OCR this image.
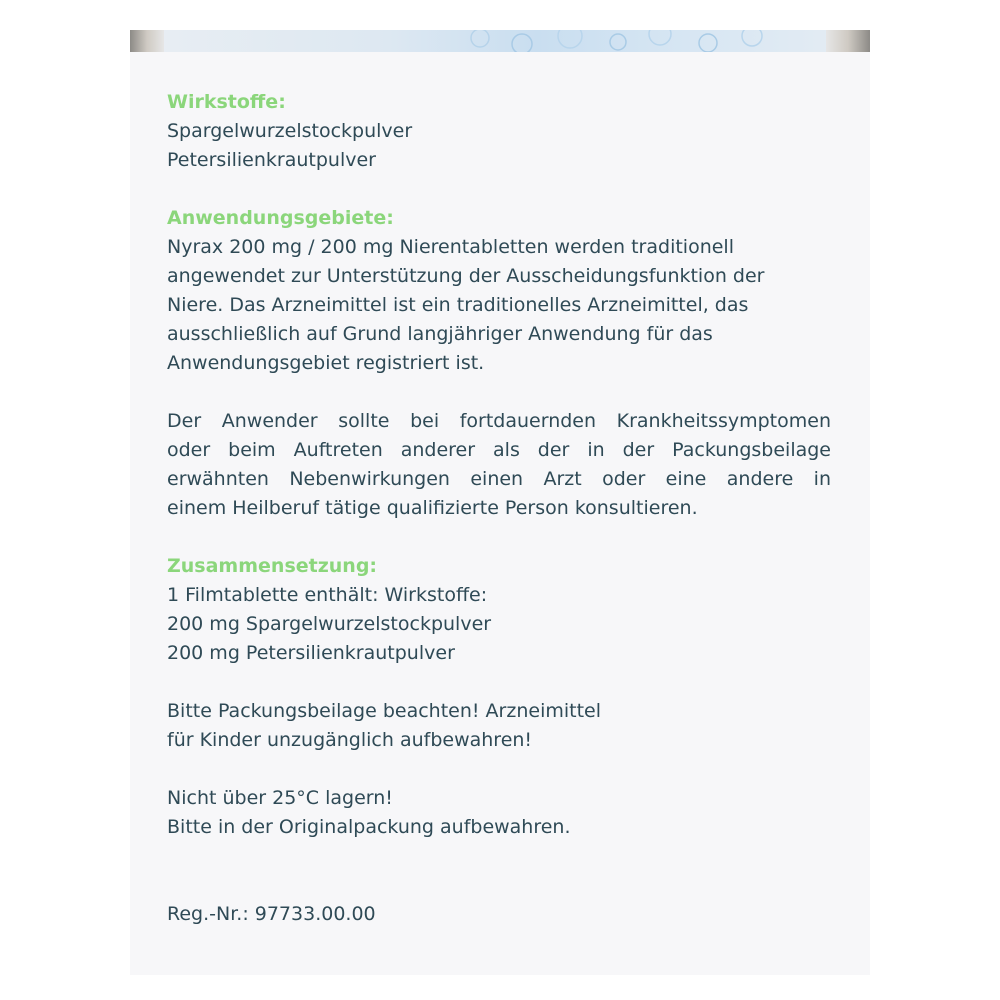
Wirkstoffe:
Spargelwurzelstockpulver
Petersilienkrautpulver
Anwendungsgebiete:
Nyrax 200 mg / 200 mg Nierentabletten werden traditionell
angewendet zur Unterstützung der Ausscheidungsfunktion der
Niere. Das Arzneimittel ist ein traditionelles Arzneimittel, das
ausschließlich auf Grund langjähriger Anwendung für das
Anwendungsgebiet registriert ist.
Der Anwender sollte bei fortdauernden Krankheitssymptomen
oder beim Auftreten anderer als der in der Packungsbeilage
erwähnten Nebenwirkungen einen Arzt oder eine andere in
einem Heilberuf tätige qualifizierte Person konsultieren.
Zusammensetzung:
1 Filmtablette enthält: Wirkstoffe:
200 mg Spargelwurzelstockpulver
200 mg Petersilienkrautpulver
Bitte Packungsbeilage beachten! Arzneimittel
für Kinder unzugänglich aufbewahren!
Nicht über 25°C lagern!
Bitte in der Originalpackung aufbewahren.
Reg.-Nr.: 97733.00.00
